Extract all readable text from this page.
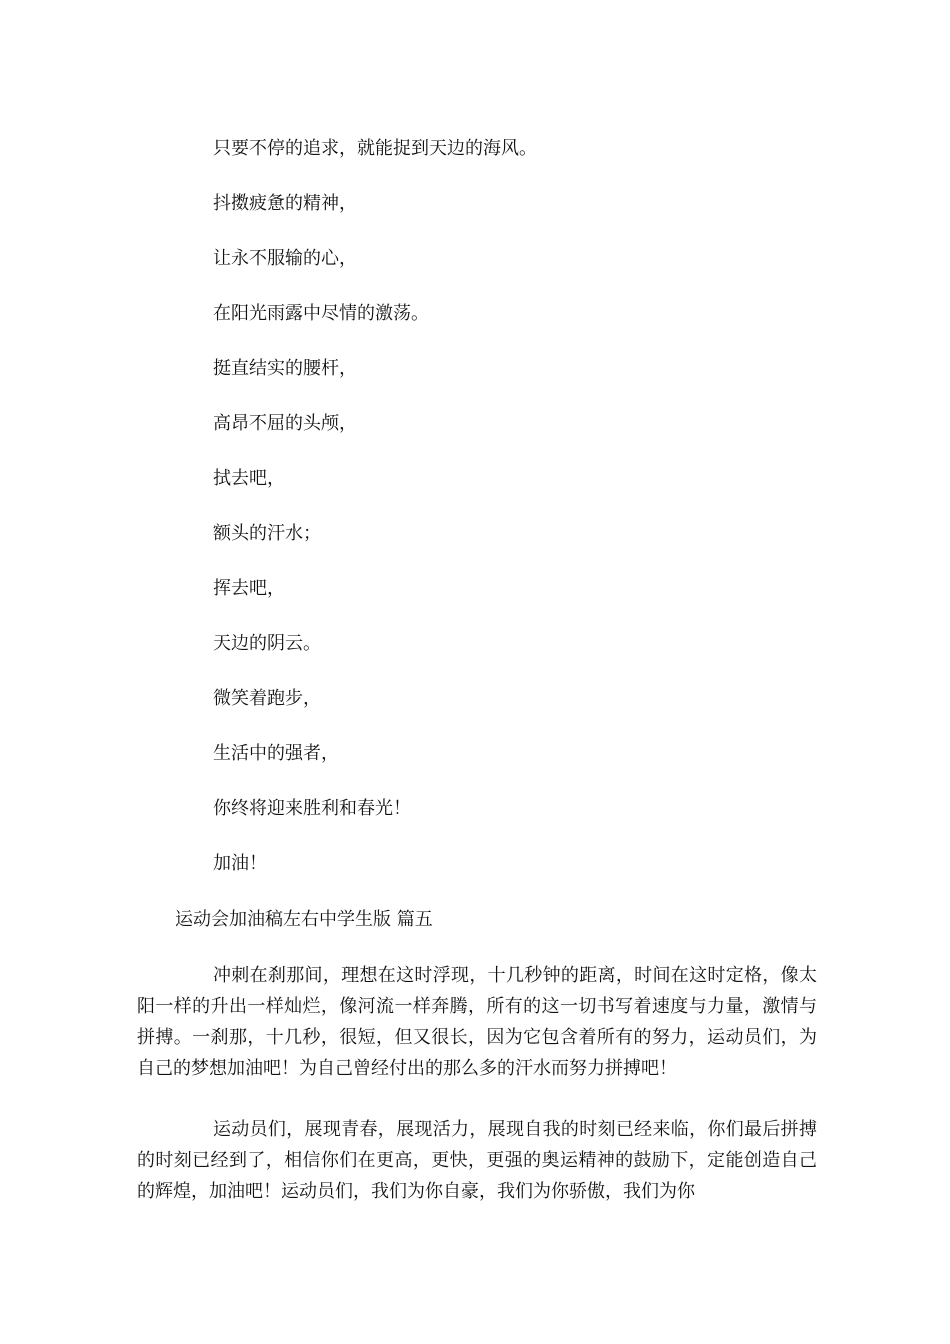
只要不停的追求，就能捉到天边的海风。
抖擞疲惫的精神，
让永不服输的心，
在阳光雨露中尽情的激荡。
挺直结实的腰杆，
高昂不屈的头颅，
拭去吧，
额头的汗水；
挥去吧，
天边的阴云。
微笑着跑步，
生活中的强者，
你终将迎来胜利和春光！
加油！
运动会加油稿左右中学生版 篇五

冲刺在刹那间，理想在这时浮现，十几秒钟的距离，时间在这时定格，像太阳一样的升出一样灿烂，像河流一样奔腾，所有的这一切书写着速度与力量，激情与拼搏。一刹那，十几秒，很短，但又很长，因为它包含着所有的努力，运动员们，为自己的梦想加油吧！为自己曾经付出的那么多的汗水而努力拼搏吧！

运动员们，展现青春，展现活力，展现自我的时刻已经来临，你们最后拼搏的时刻已经到了，相信你们在更高，更快，更强的奥运精神的鼓励下，定能创造自己的辉煌，加油吧！运动员们，我们为你自豪，我们为你骄傲，我们为你
